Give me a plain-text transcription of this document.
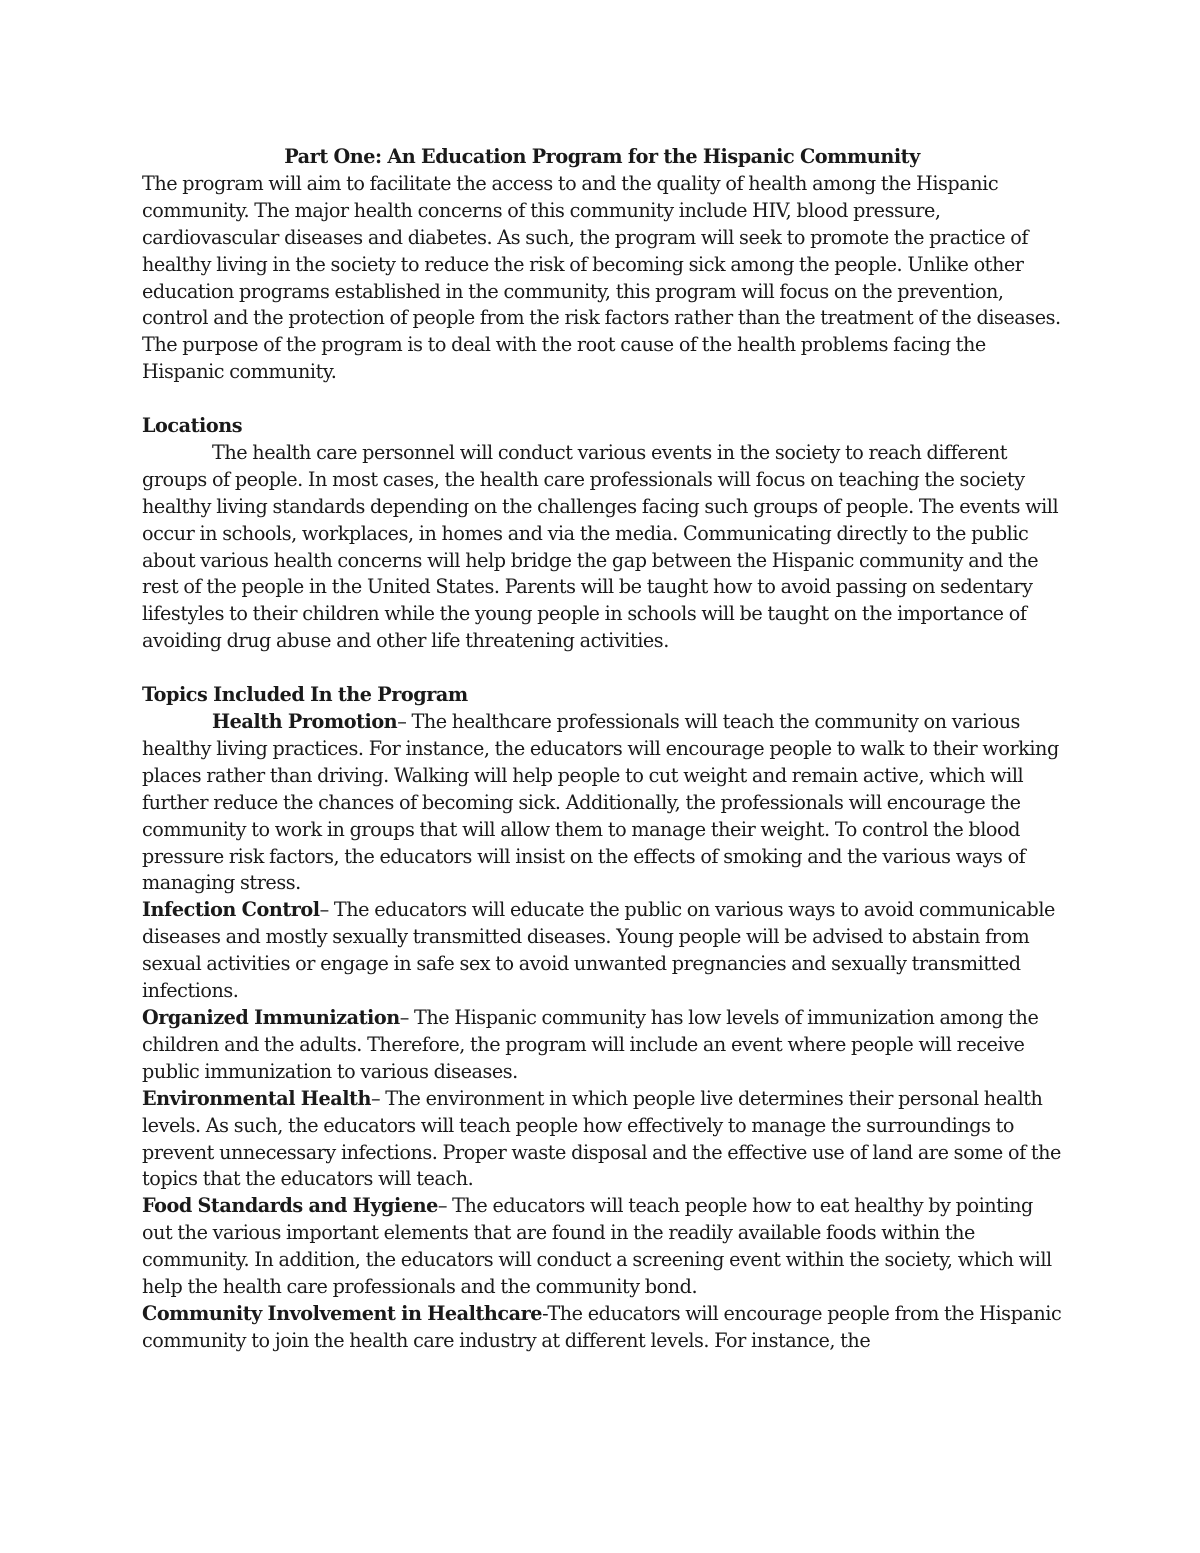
Part One: An Education Program for the Hispanic Community

The program will aim to facilitate the access to and the quality of health among the Hispanic community. The major health concerns of this community include HIV, blood pressure, cardiovascular diseases and diabetes. As such, the program will seek to promote the practice of healthy living in the society to reduce the risk of becoming sick among the people. Unlike other education programs established in the community, this program will focus on the prevention, control and the protection of people from the risk factors rather than the treatment of the diseases. The purpose of the program is to deal with the root cause of the health problems facing the Hispanic community.

Locations

The health care personnel will conduct various events in the society to reach different groups of people. In most cases, the health care professionals will focus on teaching the society healthy living standards depending on the challenges facing such groups of people. The events will occur in schools, workplaces, in homes and via the media. Communicating directly to the public about various health concerns will help bridge the gap between the Hispanic community and the rest of the people in the United States. Parents will be taught how to avoid passing on sedentary lifestyles to their children while the young people in schools will be taught on the importance of avoiding drug abuse and other life threatening activities.

Topics Included In the Program

Health Promotion– The healthcare professionals will teach the community on various healthy living practices. For instance, the educators will encourage people to walk to their working places rather than driving. Walking will help people to cut weight and remain active, which will further reduce the chances of becoming sick. Additionally, the professionals will encourage the community to work in groups that will allow them to manage their weight. To control the blood pressure risk factors, the educators will insist on the effects of smoking and the various ways of managing stress.

Infection Control– The educators will educate the public on various ways to avoid communicable diseases and mostly sexually transmitted diseases. Young people will be advised to abstain from sexual activities or engage in safe sex to avoid unwanted pregnancies and sexually transmitted infections.

Organized Immunization– The Hispanic community has low levels of immunization among the children and the adults. Therefore, the program will include an event where people will receive public immunization to various diseases.

Environmental Health– The environment in which people live determines their personal health levels. As such, the educators will teach people how effectively to manage the surroundings to prevent unnecessary infections. Proper waste disposal and the effective use of land are some of the topics that the educators will teach.

Food Standards and Hygiene– The educators will teach people how to eat healthy by pointing out the various important elements that are found in the readily available foods within the community. In addition, the educators will conduct a screening event within the society, which will help the health care professionals and the community bond.

Community Involvement in Healthcare-The educators will encourage people from the Hispanic community to join the health care industry at different levels. For instance, the
